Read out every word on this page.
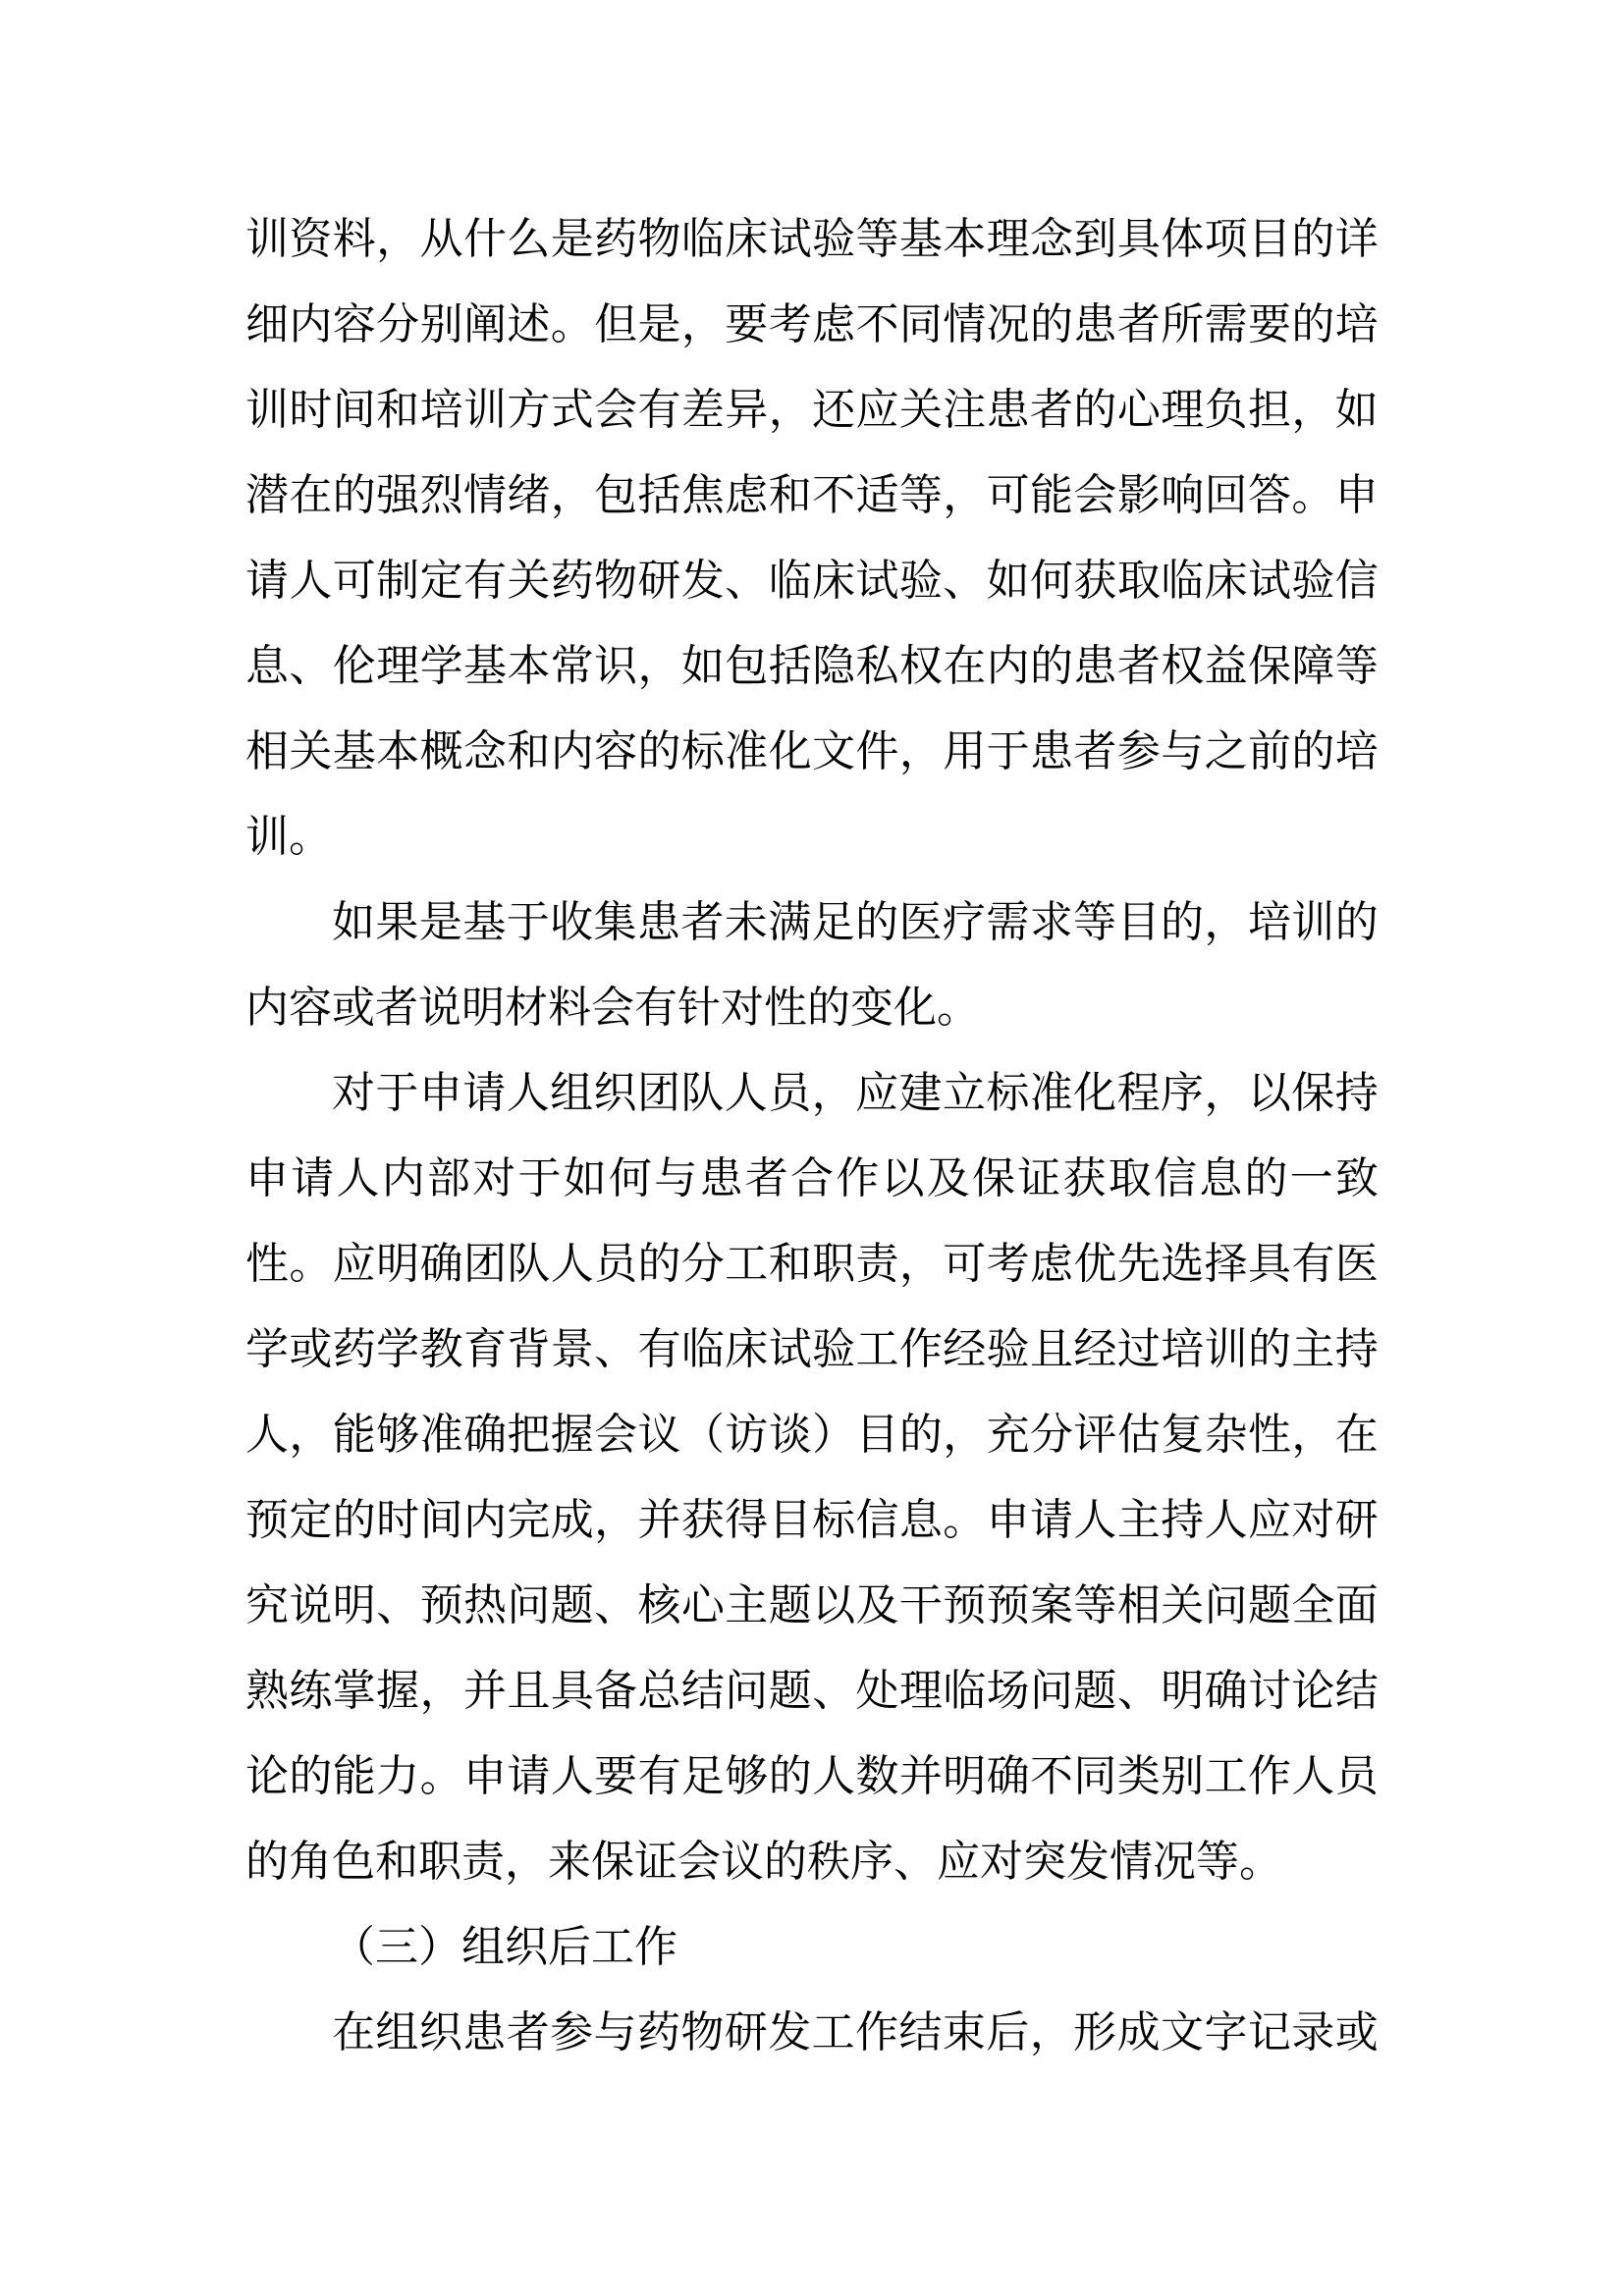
训 资 料 ， 从 什 么 是 药 物 临 床 试 验 等 基 本 理 念 到 具 体 项 目 的 详
细 内 容 分 别 阐 述 。 但 是 ， 要 考 虑 不 同 情 况 的 患 者 所 需 要 的 培
训 时 间 和 培 训 方 式 会 有 差 异 ， 还 应 关 注 患 者 的 心 理 负 担 ， 如
潜 在 的 强 烈 情 绪 ， 包 括 焦 虑 和 不 适 等 ， 可 能 会 影 响 回 答 。 申
请 人 可 制 定 有 关 药 物 研 发 、 临 床 试 验 、 如 何 获 取 临 床 试 验 信
息 、 伦 理 学 基 本 常 识 ， 如 包 括 隐 私 权 在 内 的 患 者 权 益 保 障 等
相 关 基 本 概 念 和 内 容 的 标 准 化 文 件 ， 用 于 患 者 参 与 之 前 的 培
训。
如 果 是 基 于 收 集 患 者 未 满 足 的 医 疗 需 求 等 目 的 ， 培 训 的
内容或者说明材料会有针对性的变化。
对 于 申 请 人 组 织 团 队 人 员 ， 应 建 立 标 准 化 程 序 ， 以 保 持
申 请 人 内 部 对 于 如 何 与 患 者 合 作 以 及 保 证 获 取 信 息 的 一 致
性 。 应 明 确 团 队 人 员 的 分 工 和 职 责 ， 可 考 虑 优 先 选 择 具 有 医
学 或 药 学 教 育 背 景 、 有 临 床 试 验 工 作 经 验 且 经 过 培 训 的 主 持
人 ， 能 够 准 确 把 握 会 议 （ 访 谈 ） 目 的 ， 充 分 评 估 复 杂 性 ， 在
预 定 的 时 间 内 完 成 ， 并 获 得 目 标 信 息 。 申 请 人 主 持 人 应 对 研
究 说 明 、 预 热 问 题 、 核 心 主 题 以 及 干 预 预 案 等 相 关 问 题 全 面
熟 练 掌 握 ， 并 且 具 备 总 结 问 题 、 处 理 临 场 问 题 、 明 确 讨 论 结
论 的 能 力 。 申 请 人 要 有 足 够 的 人 数 并 明 确 不 同 类 别 工 作 人 员
的角色和职责，来保证会议的秩序、应对突发情况等。
（三）组织后工作
在 组 织 患 者 参 与 药 物 研 发 工 作 结 束 后 ， 形 成 文 字 记 录 或
